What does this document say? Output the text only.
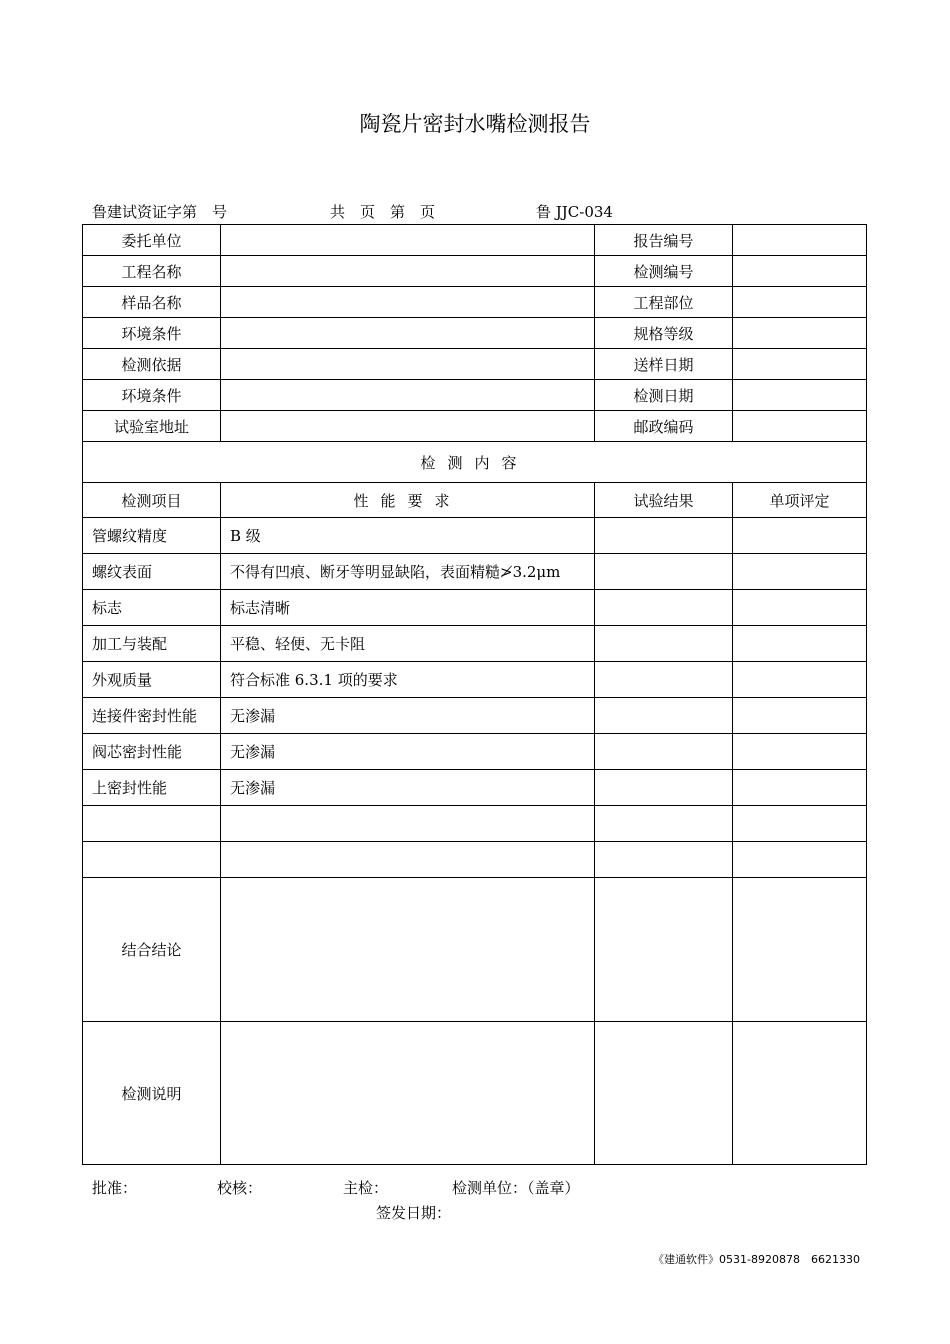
陶瓷片密封水嘴检测报告
鲁建试资证字第　号	共　页　第　页	鲁 JJC-034
委托单位		报告编号	
工程名称		检测编号	
样品名称		工程部位	
环境条件		规格等级	
检测依据		送样日期	
环境条件		检测日期	
试验室地址		邮政编码	
检测内容			
检测项目	性能要求	试验结果	单项评定
管螺纹精度	B 级		
螺纹表面	不得有凹痕、断牙等明显缺陷，表面精糙≯3.2μm		
标志	标志清晰		
加工与装配	平稳、轻便、无卡阻		
外观质量	符合标准 6.3.1 项的要求		
连接件密封性能	无渗漏		
阀芯密封性能	无渗漏		
上密封性能	无渗漏		

结合结论			
检测说明			
批准：	校核：	主检：	检测单位：（盖章）
签发日期：
《建通软件》0531-8920878　6621330
